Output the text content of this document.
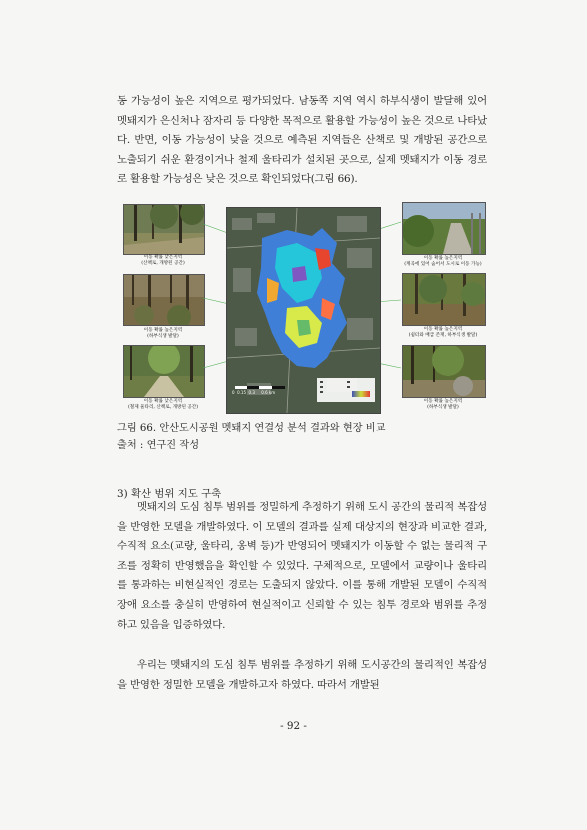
동 가능성이 높은 지역으로 평가되었다. 남동쪽 지역 역시 하부식생이 발달해 있어 멧돼지가 은신처나 잠자리 등 다양한 목적으로 활용할 가능성이 높은 것으로 나타났다. 반면, 이동 가능성이 낮을 것으로 예측된 지역들은 산책로 및 개방된 공간으로 노출되기 쉬운 환경이거나 철제 울타리가 설치된 곳으로, 실제 멧돼지가 이동 경로로 활용할 가능성은 낮은 것으로 확인되었다(그림 66).

이동 확률 낮은지역
(산책로, 개방된 공간)
이동 확률 높은지역
(하부식생 발달)
이동 확률 낮은지역
(철제 울타리, 산책로, 개방된 공간)
0 0.15 0.3 0.6 km
이동 확률 높은지역
(계곡에 있어 숨어서 도시로 이동 가능)
이동 확률 높은지역
(쉼터와 배급 존재, 하부식생 발달)
이동 확률 높은지역
(하부식생 발달)
그림 66. 안산도시공원 멧돼지 연결성 분석 결과와 현장 비교
출처 : 연구진 작성
3) 확산 범위 지도 구축

멧돼지의 도심 침투 범위를 정밀하게 추정하기 위해 도시 공간의 물리적 복잡성을 반영한 모델을 개발하였다. 이 모델의 결과를 실제 대상지의 현장과 비교한 결과, 수직적 요소(교량, 울타리, 옹벽 등)가 반영되어 멧돼지가 이동할 수 없는 물리적 구조를 정확히 반영했음을 확인할 수 있었다. 구체적으로, 모델에서 교량이나 울타리를 통과하는 비현실적인 경로는 도출되지 않았다. 이를 통해 개발된 모델이 수직적 장애 요소를 충실히 반영하여 현실적이고 신뢰할 수 있는 침투 경로와 범위를 추정하고 있음을 입증하였다.

우리는 멧돼지의 도심 침투 범위를 추정하기 위해 도시공간의 물리적인 복잡성을 반영한 정밀한 모델을 개발하고자 하였다. 따라서 개발된

- 92 -
